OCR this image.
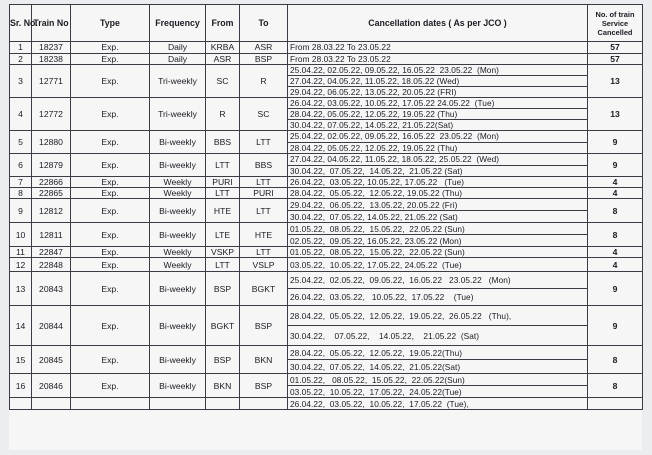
Sr. No.	Train No	Type	Frequency	From	To	Cancellation dates ( As per JCO )	No. of train Service Cancelled
1	18237	Exp.	Daily	KRBA	ASR	From 28.03.22 To 23.05.22	57
2	18238	Exp.	Daily	ASR	BSP	From 28.03.22 To 23.05.22	57
3	12771	Exp.	Tri-weekly	SC	R	25.04.22, 02.05.22, 09.05.22, 16.05.22  23.05.22  (Mon)	13
						27.04.22, 04.05.22, 11.05.22, 18.05.22 (Wed)	
						29.04.22, 06.05.22, 13.05.22, 20.05.22 (FRI)	
4	12772	Exp.	Tri-weekly	R	SC	26.04.22, 03.05.22, 10.05.22, 17.05.22 24.05.22  (Tue)	13
						28.04.22, 05.05.22, 12.05.22, 19.05.22 (Thu)	
						30.04.22, 07.05.22, 14.05.22, 21.05.22(Sat)	
5	12880	Exp.	Bi-weekly	BBS	LTT	25.04.22, 02.05.22, 09.05.22, 16.05.22  23.05.22  (Mon)	9
						28.04.22, 05.05.22, 12.05.22, 19.05.22 (Thu)	
6	12879	Exp.	Bi-weekly	LTT	BBS	27.04.22, 04.05.22, 11.05.22, 18.05.22, 25.05.22  (Wed)	9
						30.04.22,  07.05.22,  14.05.22,  21.05.22 (Sat)	
7	22866	Exp.	Weekly	PURI	LTT	26.04.22,  03.05.22, 10.05.22, 17.05.22   (Tue)	4
8	22865	Exp.	Weekly	LTT	PURI	28.04.22,  05.05.22,  12.05.22, 19.05.22 (Thu)	4
9	12812	Exp.	Bi-weekly	HTE	LTT	29.04.22,  06.05.22,  13.05.22, 20.05.22 (Fri)	8
						30.04.22,  07.05.22, 14.05.22, 21.05.22 (Sat)	
10	12811	Exp.	Bi-weekly	LTE	HTE	01.05.22,  08.05.22,  15.05.22,  22.05.22 (Sun)	8
						02.05.22,  09.05.22, 16.05.22, 23.05.22 (Mon)	
11	22847	Exp.	Weekly	VSKP	LTT	01.05.22,  08.05.22,  15.05.22,  22.05.22 (Sun)	4
12	22848	Exp.	Weekly	LTT	VSLP	03.05.22,  10.05.22, 17.05.22, 24.05.22  (Tue)	4
13	20843	Exp.	Bi-weekly	BSP	BGKT	25.04.22,  02.05.22,  09.05.22,  16.05.22   23.05.22   (Mon)	9
						26.04.22,  03.05.22,   10.05.22,  17.05.22    (Tue)	
14	20844	Exp.	Bi-weekly	BGKT	BSP	28.04.22,  05.05.22,  12.05.22,  19.05.22,  26.05.22   (Thu),	9
						30.04.22,    07.05.22,    14.05.22,    21.05.22  (Sat)	
15	20845	Exp.	Bi-weekly	BSP	BKN	28.04.22,  05.05.22,  12.05.22,  19.05.22(Thu)	8
						30.04.22,  07.05.22,  14.05.22,  21.05.22(Sat)	
16	20846	Exp.	Bi-weekly	BKN	BSP	01.05.22,   08.05.22,  15.05.22,  22.05.22(Sun)	8
						03.05.22,  10.05.22,  17.05.22,  24.05.22(Tue)	
						26.04.22,  03.05.22,  10.05.22,  17.05.22  (Tue),	
